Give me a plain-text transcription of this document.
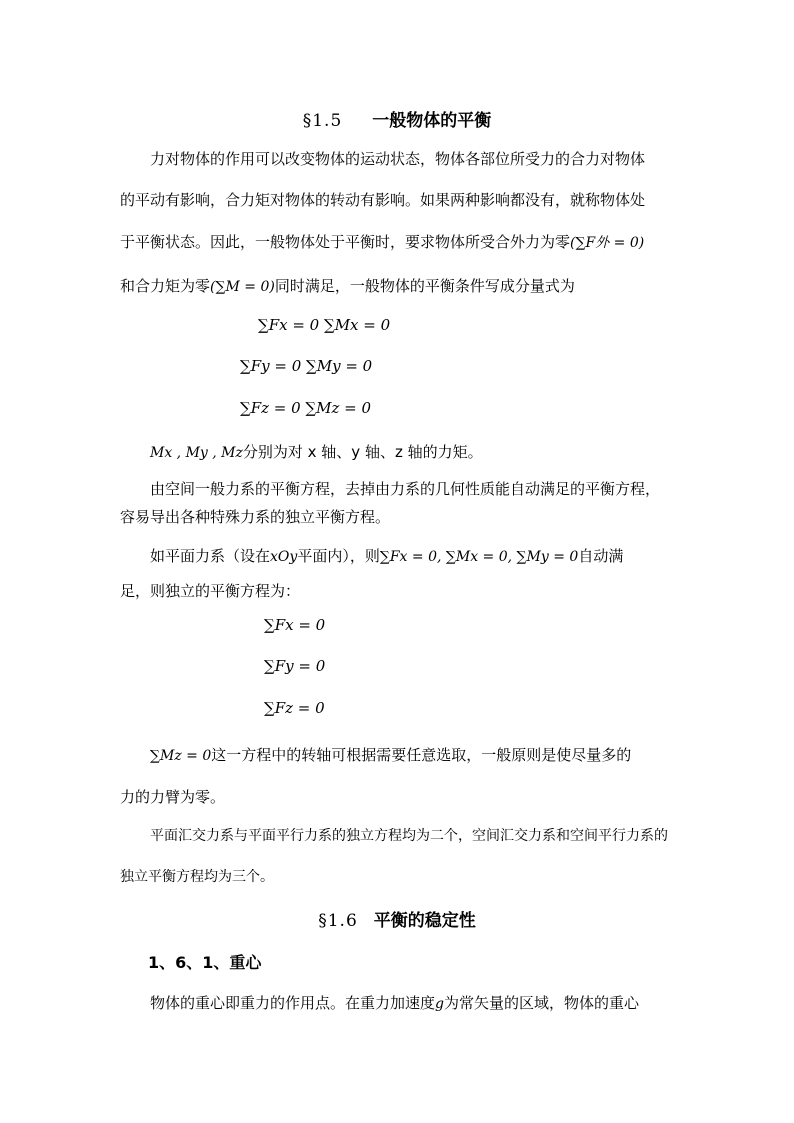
§1.5 一般物体的平衡
力对物体的作用可以改变物体的运动状态，物体各部位所受力的合力对物体
的平动有影响，合力矩对物体的转动有影响。如果两种影响都没有，就称物体处
于平衡状态。因此，一般物体处于平衡时，要求物体所受合外力为零(∑F外 = 0)
和合力矩为零(∑M = 0)同时满足，一般物体的平衡条件写成分量式为
∑Fx = 0 ∑Mx = 0
∑Fy = 0 ∑My = 0
∑Fz = 0 ∑Mz = 0
Mx , My , Mz分别为对 x 轴、y 轴、z 轴的力矩。
由空间一般力系的平衡方程，去掉由力系的几何性质能自动满足的平衡方程，
容易导出各种特殊力系的独立平衡方程。
如平面力系（设在xOy平面内），则∑Fx = 0, ∑Mx = 0, ∑My = 0自动满
足，则独立的平衡方程为：
∑Fx = 0
∑Fy = 0
∑Fz = 0
∑Mz = 0这一方程中的转轴可根据需要任意选取，一般原则是使尽量多的
力的力臂为零。
平面汇交力系与平面平行力系的独立方程均为二个，空间汇交力系和空间平行力系的
独立平衡方程均为三个。
§1.6 平衡的稳定性
1、6、1、重心
物体的重心即重力的作用点。在重力加速度g为常矢量的区域，物体的重心
